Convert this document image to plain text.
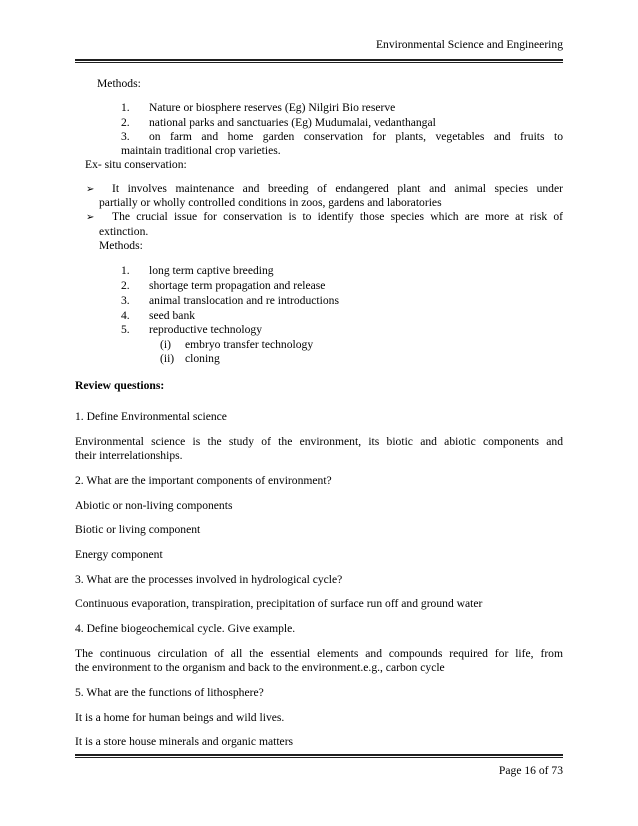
Environmental Science and Engineering
Methods:
1.	Nature or biosphere reserves (Eg) Nilgiri Bio reserve
2.	national parks and sanctuaries (Eg) Mudumalai, vedanthangal
3.	on farm and home garden conservation for plants, vegetables and fruits to
maintain traditional crop varieties.
Ex- situ conservation:
➢ It involves maintenance and breeding of endangered plant and animal species under
partially or wholly controlled conditions in zoos, gardens and laboratories
➢ The crucial issue for conservation is to identify those species which are more at risk of
extinction.
Methods:
1.	long term captive breeding
2.	shortage term propagation and release
3.	animal translocation and re introductions
4.	seed bank
5.	reproductive technology
(i) embryo transfer technology
(ii) cloning
Review questions:
1. Define Environmental science
Environmental science is the study of the environment, its biotic and abiotic components and
their interrelationships.
2. What are the important components of environment?
Abiotic or non-living components
Biotic or living component
Energy component
3. What are the processes involved in hydrological cycle?
Continuous evaporation, transpiration, precipitation of surface run off and ground water
4. Define biogeochemical cycle. Give example.
The continuous circulation of all the essential elements and compounds required for life, from
the environment to the organism and back to the environment.e.g., carbon cycle
5. What are the functions of lithosphere?
It is a home for human beings and wild lives.
It is a store house minerals and organic matters
Page 16 of 73
